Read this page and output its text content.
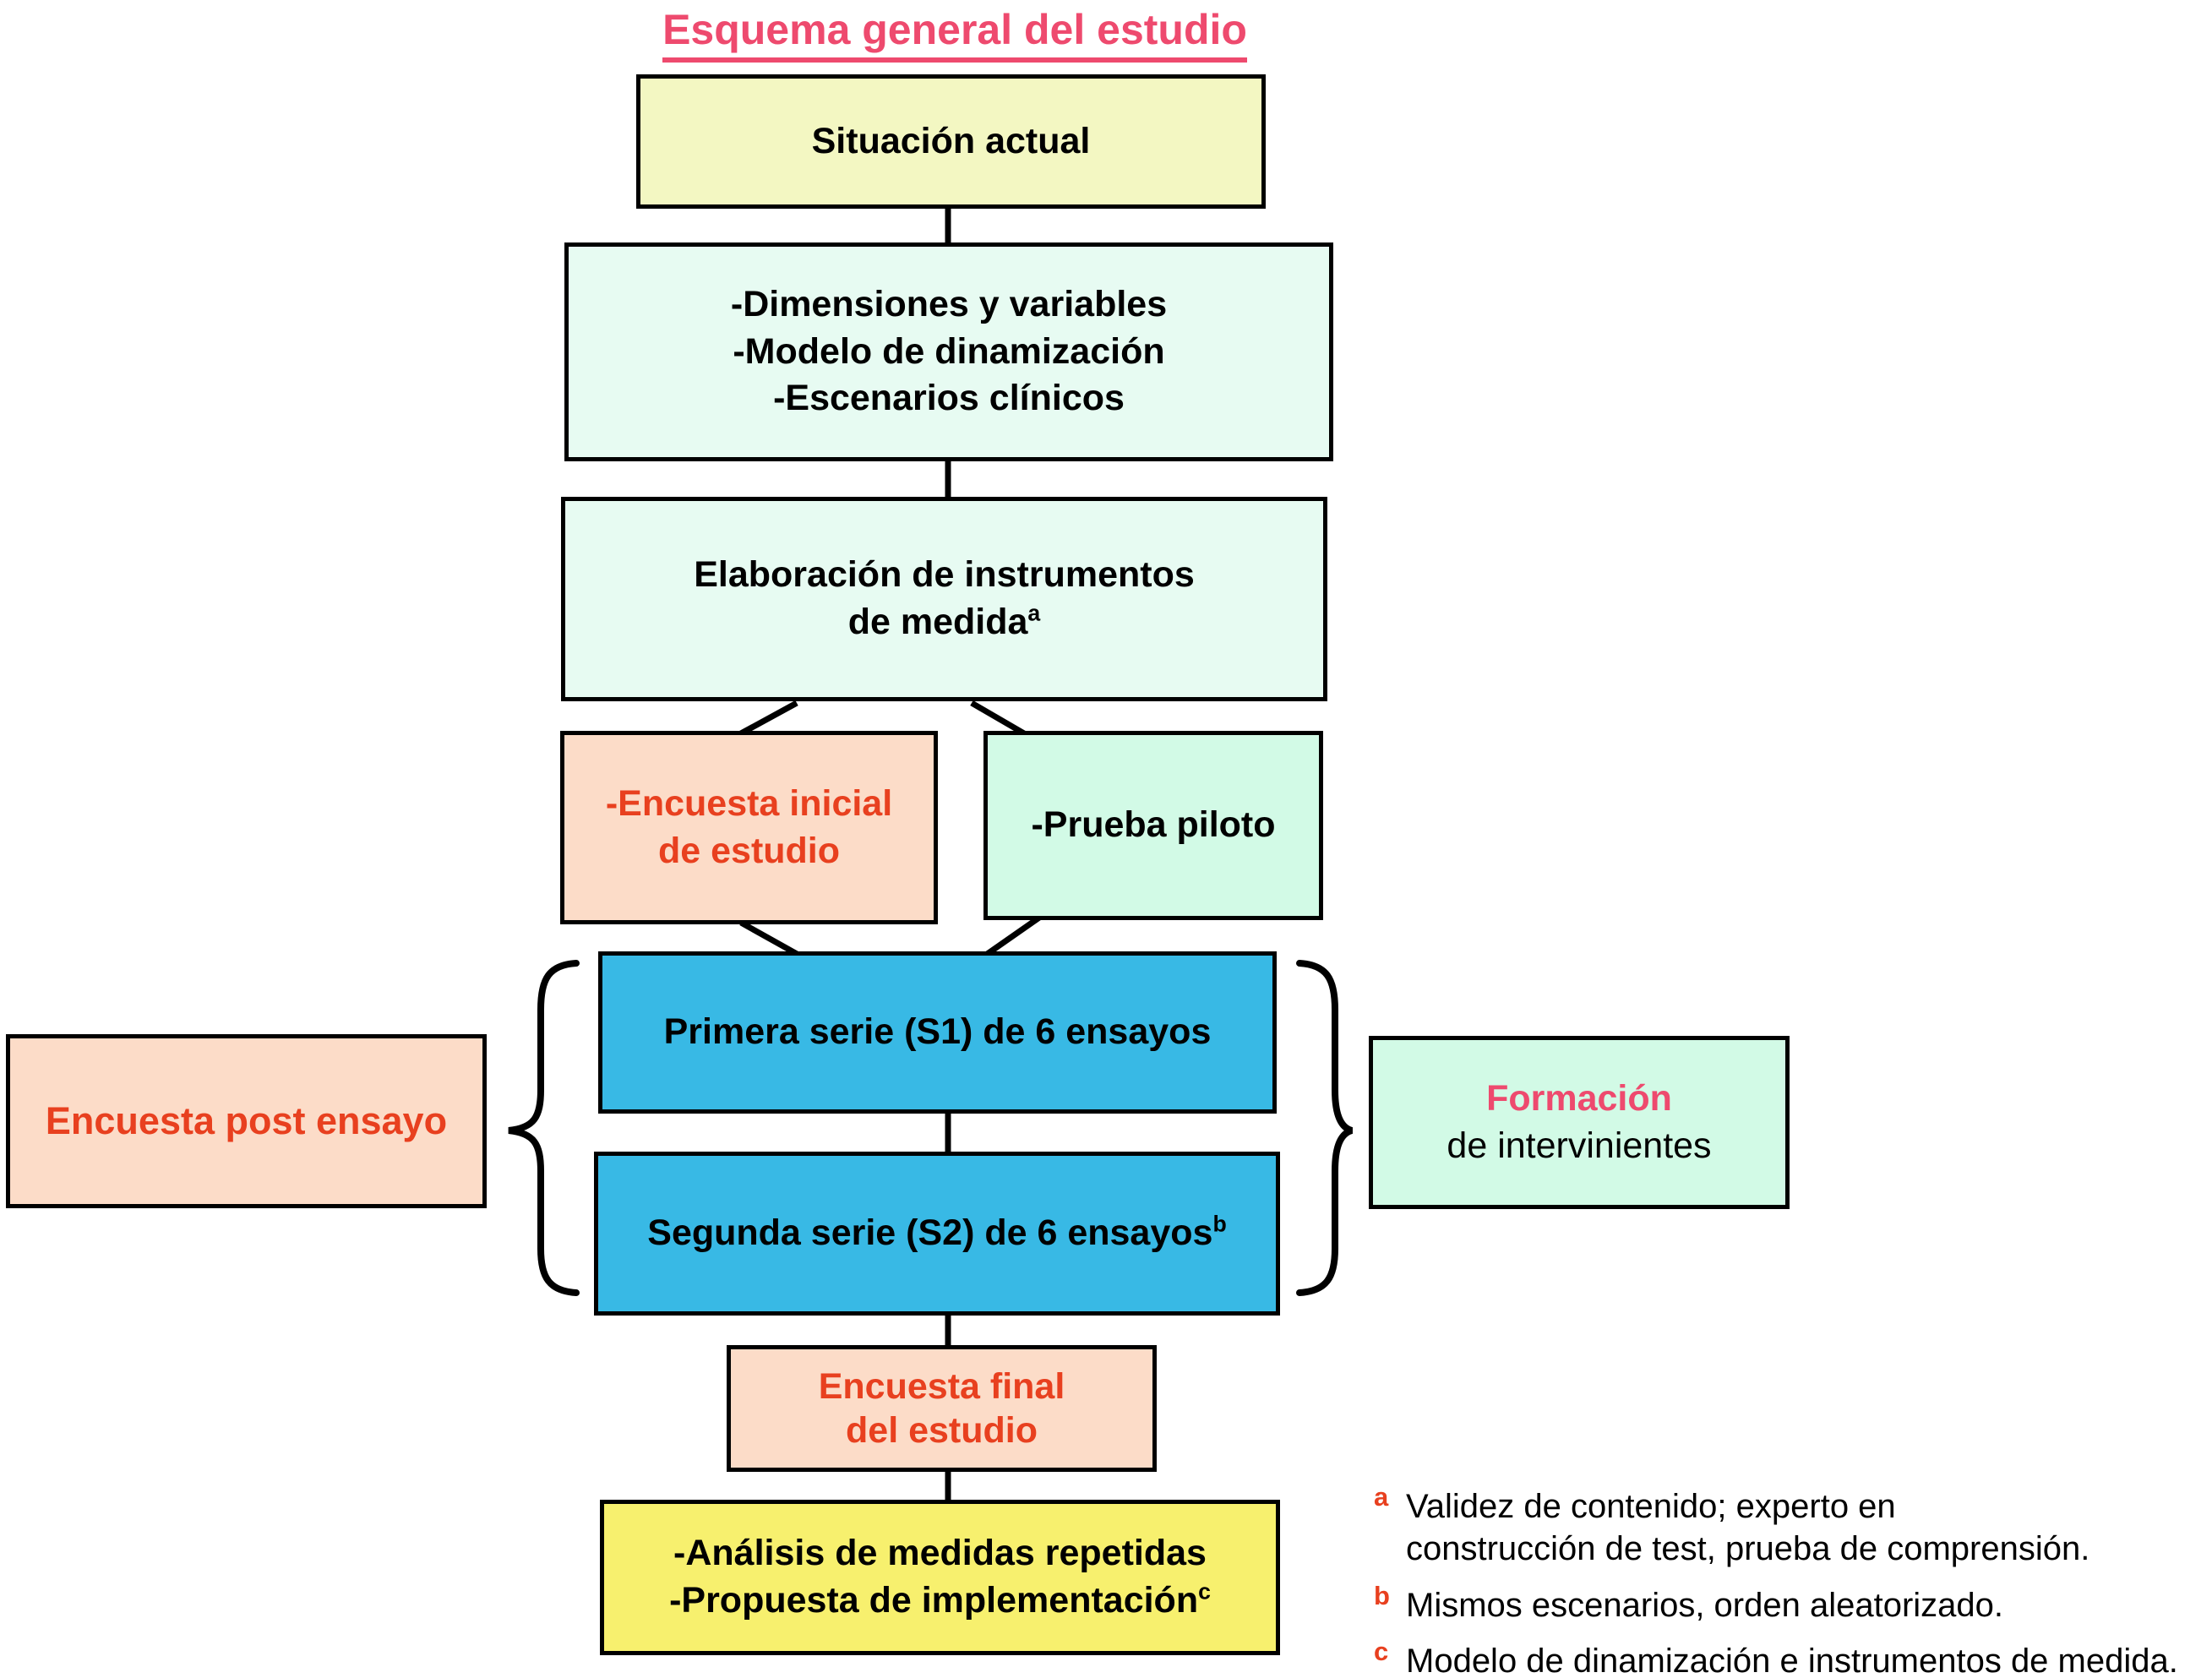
Esquema general del estudio
Situación actual
-Dimensiones y variables
-Modelo de dinamización
-Escenarios clínicos
Elaboración de instrumentos
de medida$^a$
-Encuesta inicial
de estudio
-Prueba piloto
Primera serie (S1) de 6 ensayos
Segunda serie (S2) de 6 ensayos$^b$
Encuesta post ensayo
Formación
de intervinientes
Encuesta final
del estudio
-Análisis de medidas repetidas
-Propuesta de implementación$^c$
a Validez de contenido; experto en
construcción de test, prueba de comprensión.
b Mismos escenarios, orden aleatorizado.
c Modelo de dinamización e instrumentos de medida.
